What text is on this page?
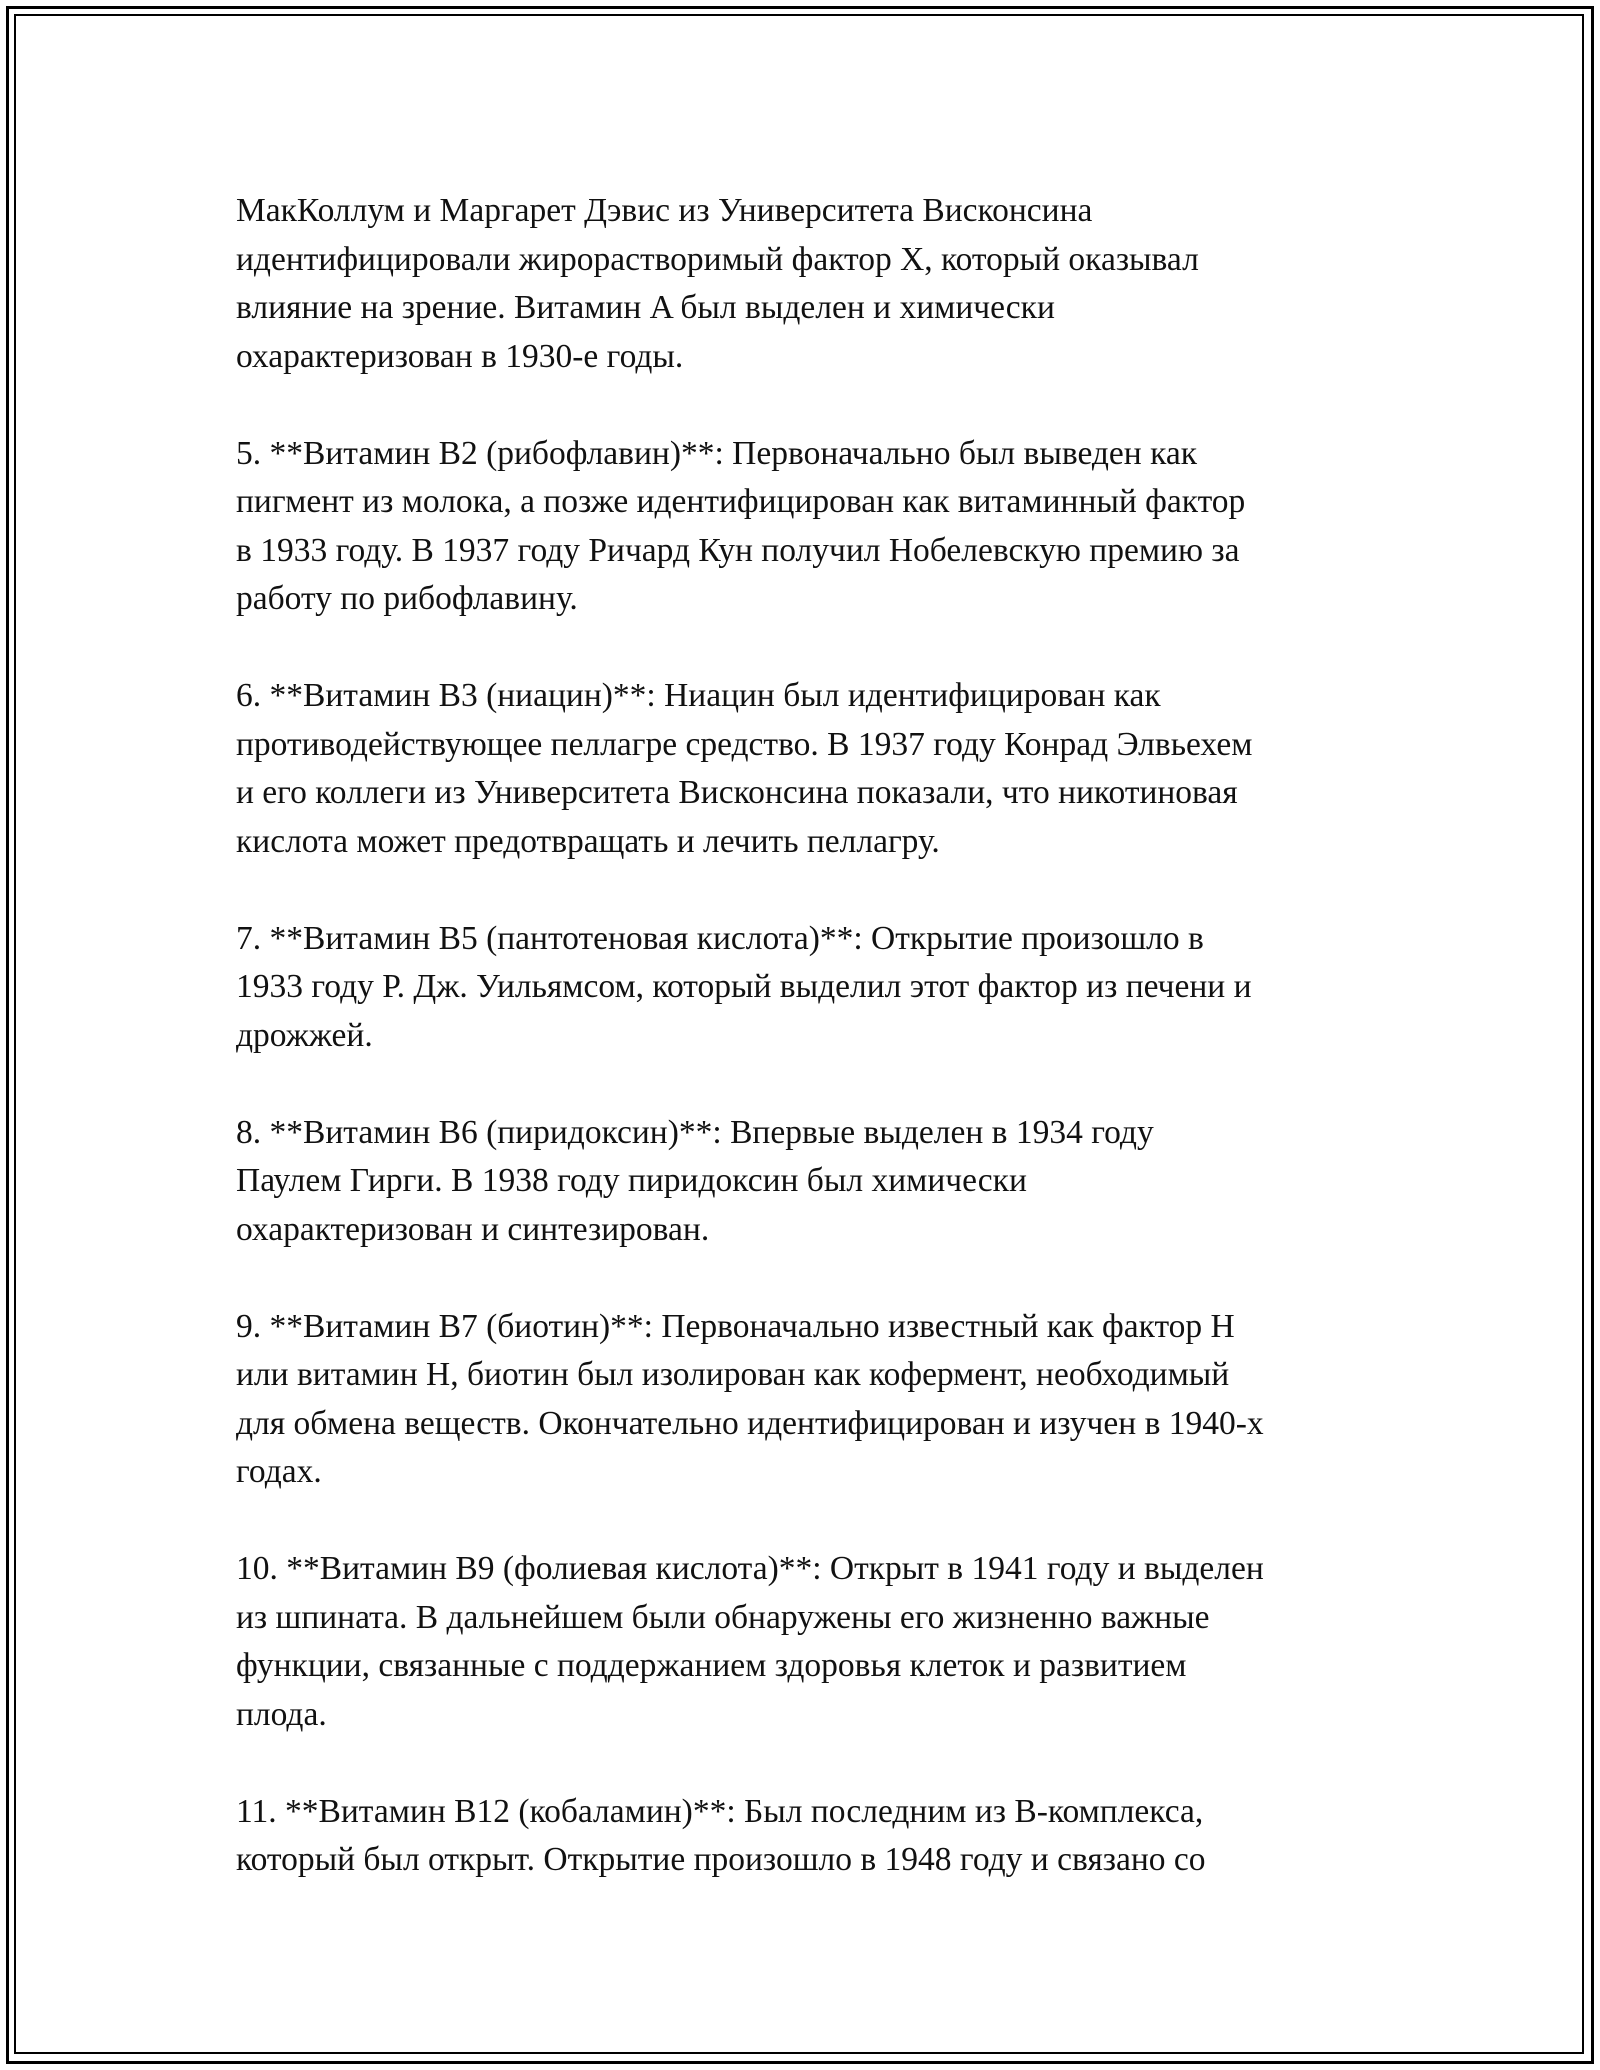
МакКоллум и Маргарет Дэвис из Университета Висконсина
идентифицировали жирорастворимый фактор X, который оказывал
влияние на зрение. Витамин A был выделен и химически
охарактеризован в 1930-е годы.

5. **Витамин B2 (рибофлавин)**: Первоначально был выведен как
пигмент из молока, а позже идентифицирован как витаминный фактор
в 1933 году. В 1937 году Ричард Кун получил Нобелевскую премию за
работу по рибофлавину.

6. **Витамин B3 (ниацин)**: Ниацин был идентифицирован как
противодействующее пеллагре средство. В 1937 году Конрад Элвьехем
и его коллеги из Университета Висконсина показали, что никотиновая
кислота может предотвращать и лечить пеллагру.

7. **Витамин B5 (пантотеновая кислота)**: Открытие произошло в
1933 году Р. Дж. Уильямсом, который выделил этот фактор из печени и
дрожжей.

8. **Витамин B6 (пиридоксин)**: Впервые выделен в 1934 году
Паулем Гирги. В 1938 году пиридоксин был химически
охарактеризован и синтезирован.

9. **Витамин B7 (биотин)**: Первоначально известный как фактор H
или витамин H, биотин был изолирован как кофермент, необходимый
для обмена веществ. Окончательно идентифицирован и изучен в 1940-х
годах.

10. **Витамин B9 (фолиевая кислота)**: Открыт в 1941 году и выделен
из шпината. В дальнейшем были обнаружены его жизненно важные
функции, связанные с поддержанием здоровья клеток и развитием
плода.

11. **Витамин B12 (кобаламин)**: Был последним из B-комплекса,
который был открыт. Открытие произошло в 1948 году и связано со
